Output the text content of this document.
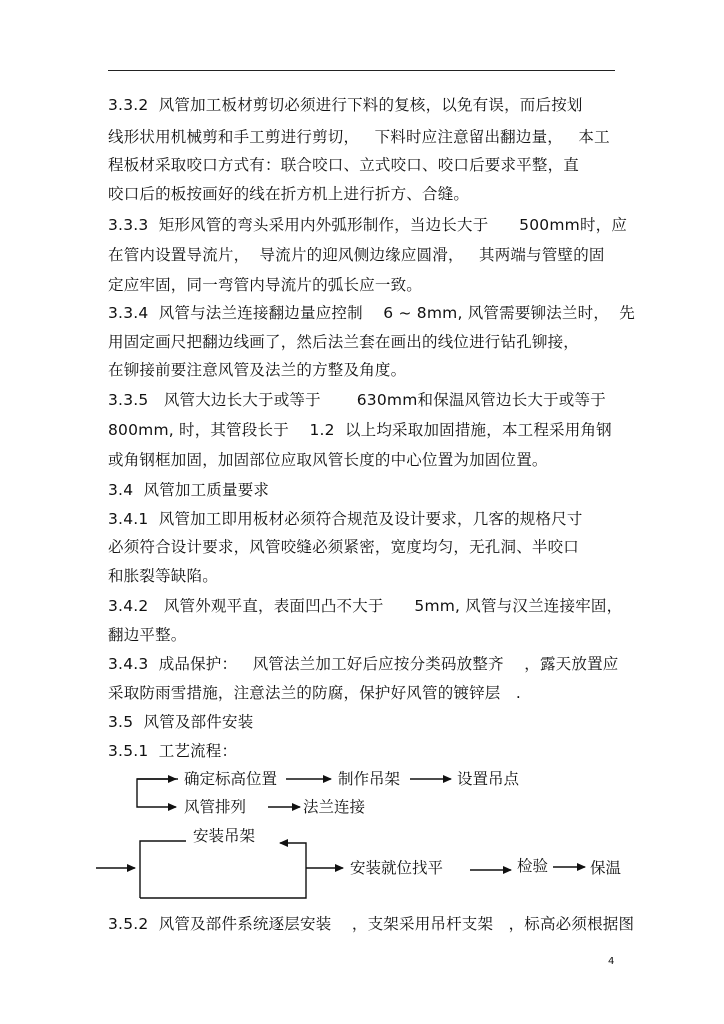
3.3.2  风管加工板材剪切必须进行下料的复核，以免有误，而后按划
线形状用机械剪和手工剪进行剪切，   下料时应注意留出翻边量，   本工
程板材采取咬口方式有：联合咬口、立式咬口、咬口后要求平整，直
咬口后的板按画好的线在折方机上进行折方、合缝。
3.3.3  矩形风管的弯头采用内外弧形制作，当边长大于      500mm时，应
在管内设置导流片，  导流片的迎风侧边缘应圆滑，   其两端与管壁的固
定应牢固，同一弯管内导流片的弧长应一致。
3.3.4  风管与法兰连接翻边量应控制    6 ~ 8mm, 风管需要铆法兰时，  先
用固定画尺把翻边线画了，然后法兰套在画出的线位进行钻孔铆接，
在铆接前要注意风管及法兰的方整及角度。
3.3.5   风管大边长大于或等于       630mm和保温风管边长大于或等于
800mm, 时，其管段长于    1.2  以上均采取加固措施，本工程采用角钢
或角钢框加固，加固部位应取风管长度的中心位置为加固位置。
3.4  风管加工质量要求
3.4.1  风管加工即用板材必须符合规范及设计要求，几客的规格尺寸
必须符合设计要求，风管咬缝必须紧密，宽度均匀，无孔洞、半咬口
和胀裂等缺陷。
3.4.2   风管外观平直，表面凹凸不大于      5mm, 风管与汉兰连接牢固，
翻边平整。
3.4.3  成品保护：   风管法兰加工好后应按分类码放整齐    ，露天放置应
采取防雨雪措施，注意法兰的防腐，保护好风管的镀锌层   .
3.5  风管及部件安装
3.5.1  工艺流程：
确定标高位置	制作吊架	设置吊点
风管排列	法兰连接
安装吊架
安装就位找平	检验	保温
3.5.2  风管及部件系统逐层安装    ，支架采用吊杆支架   ，标高必须根据图
4
